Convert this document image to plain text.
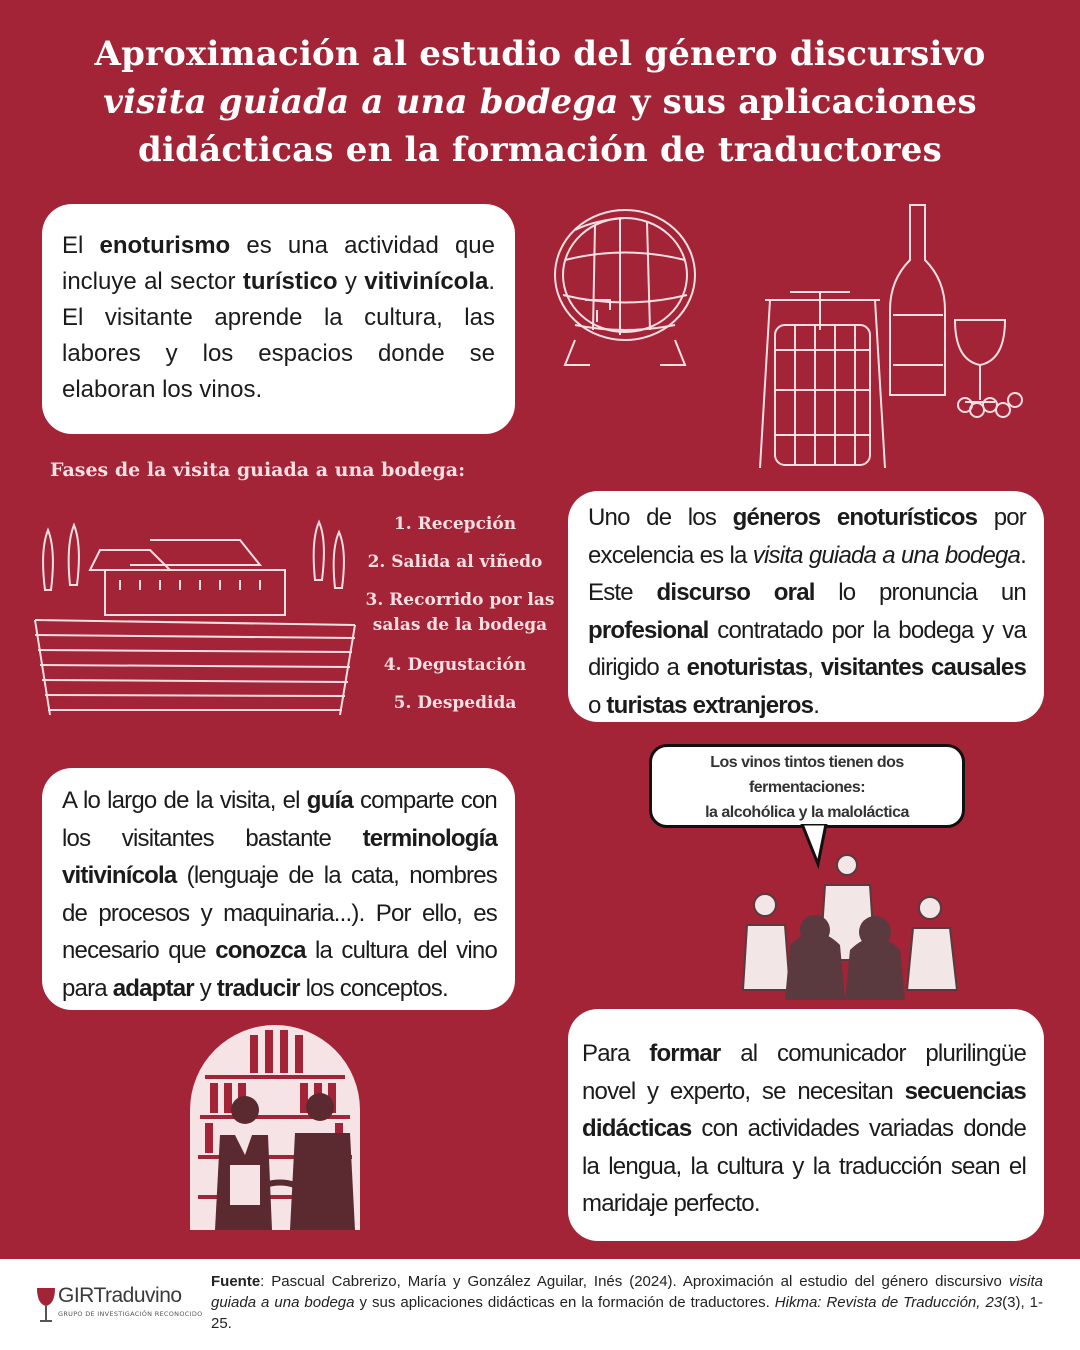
Aproximación al estudio del género discursivo
visita guiada a una bodega y sus aplicaciones
didácticas en la formación de traductores

El enoturismo es una actividad que incluye al sector turístico y vitivinícola. El visitante aprende la cultura, las labores y los espacios donde se elaboran los vinos.

Fases de la visita guiada a una bodega:
1. Recepción
2. Salida al viñedo
3. Recorrido por las salas de la bodega
4. Degustación
5. Despedida

Uno de los géneros enoturísticos por excelencia es la visita guiada a una bodega. Este discurso oral lo pronuncia un profesional contratado por la bodega y va dirigido a enoturistas, visitantes causales o turistas extranjeros.

Los vinos tintos tienen dos
fermentaciones:
la alcohólica y la maloláctica

A lo largo de la visita, el guía comparte con los visitantes bastante terminología vitivinícola (lenguaje de la cata, nombres de procesos y maquinaria...). Por ello, es necesario que conozca la cultura del vino para adaptar y traducir los conceptos.

Para formar al comunicador plurilingüe novel y experto, se necesitan secuencias didácticas con actividades variadas donde la lengua, la cultura y la traducción sean el maridaje perfecto.

GIRTraduvino
GRUPO DE INVESTIGACIÓN RECONOCIDO
Fuente: Pascual Cabrerizo, María y González Aguilar, Inés (2024). Aproximación al estudio del género discursivo visita guiada a una bodega y sus aplicaciones didácticas en la formación de traductores. Hikma: Revista de Traducción, 23(3), 1-25.
